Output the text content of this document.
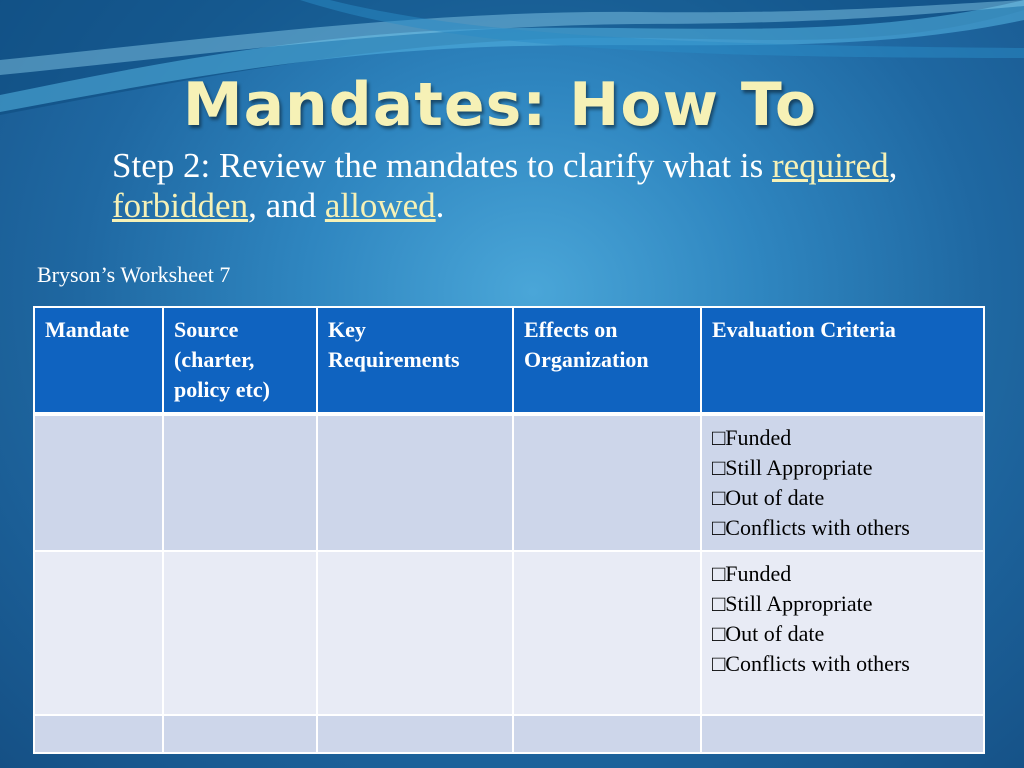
Mandates: How To
Step 2: Review the mandates to clarify what is required, forbidden, and allowed.
Bryson’s Worksheet 7
Mandate	Source (charter, policy etc)	Key Requirements	Effects on Organization	Evaluation Criteria

				□Funded
□Still Appropriate
□Out of date
□Conflicts with others

				□Funded
□Still Appropriate
□Out of date
□Conflicts with others
